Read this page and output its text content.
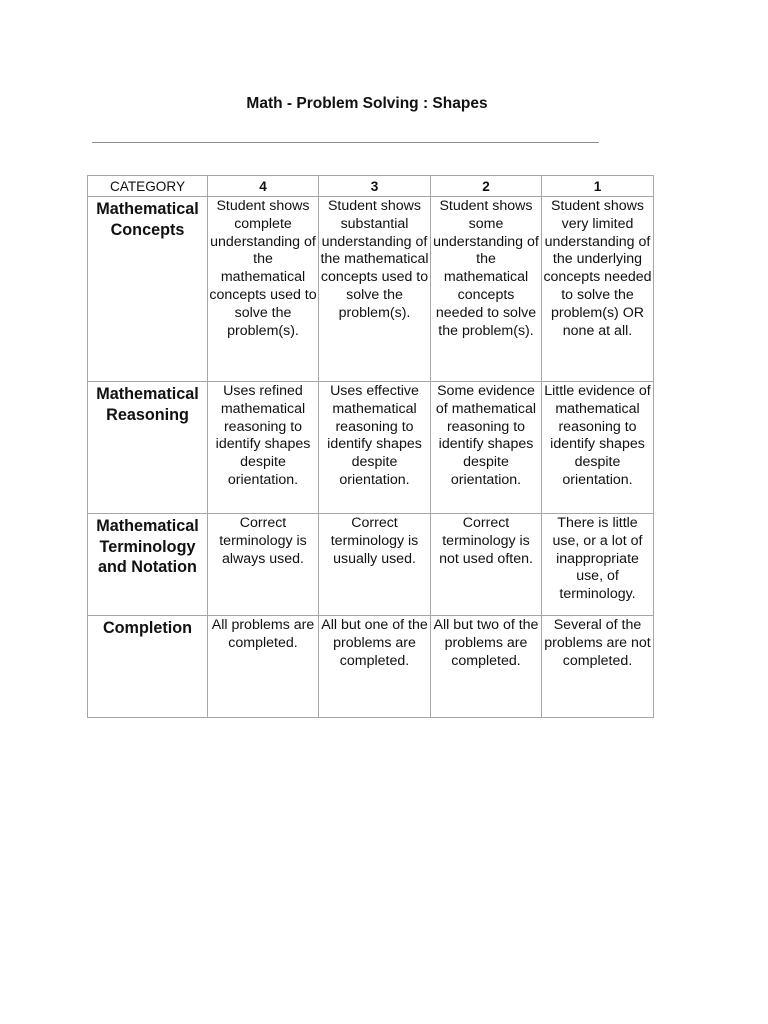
Math - Problem Solving : Shapes
CATEGORY	4	3	2	1
Mathematical Concepts	Student shows complete understanding of the mathematical concepts used to solve the problem(s).	Student shows substantial understanding of the mathematical concepts used to solve the problem(s).	Student shows some understanding of the mathematical concepts needed to solve the problem(s).	Student shows very limited understanding of the underlying concepts needed to solve the problem(s) OR none at all.
Mathematical Reasoning	Uses refined mathematical reasoning to identify shapes despite orientation.	Uses effective mathematical reasoning to identify shapes despite orientation.	Some evidence of mathematical reasoning to identify shapes despite orientation.	Little evidence of mathematical reasoning to identify shapes despite orientation.
Mathematical Terminology and Notation	Correct terminology is always used.	Correct terminology is usually used.	Correct terminology is not used often.	There is little use, or a lot of inappropriate use, of terminology.
Completion	All problems are completed.	All but one of the problems are completed.	All but two of the problems are completed.	Several of the problems are not completed.
